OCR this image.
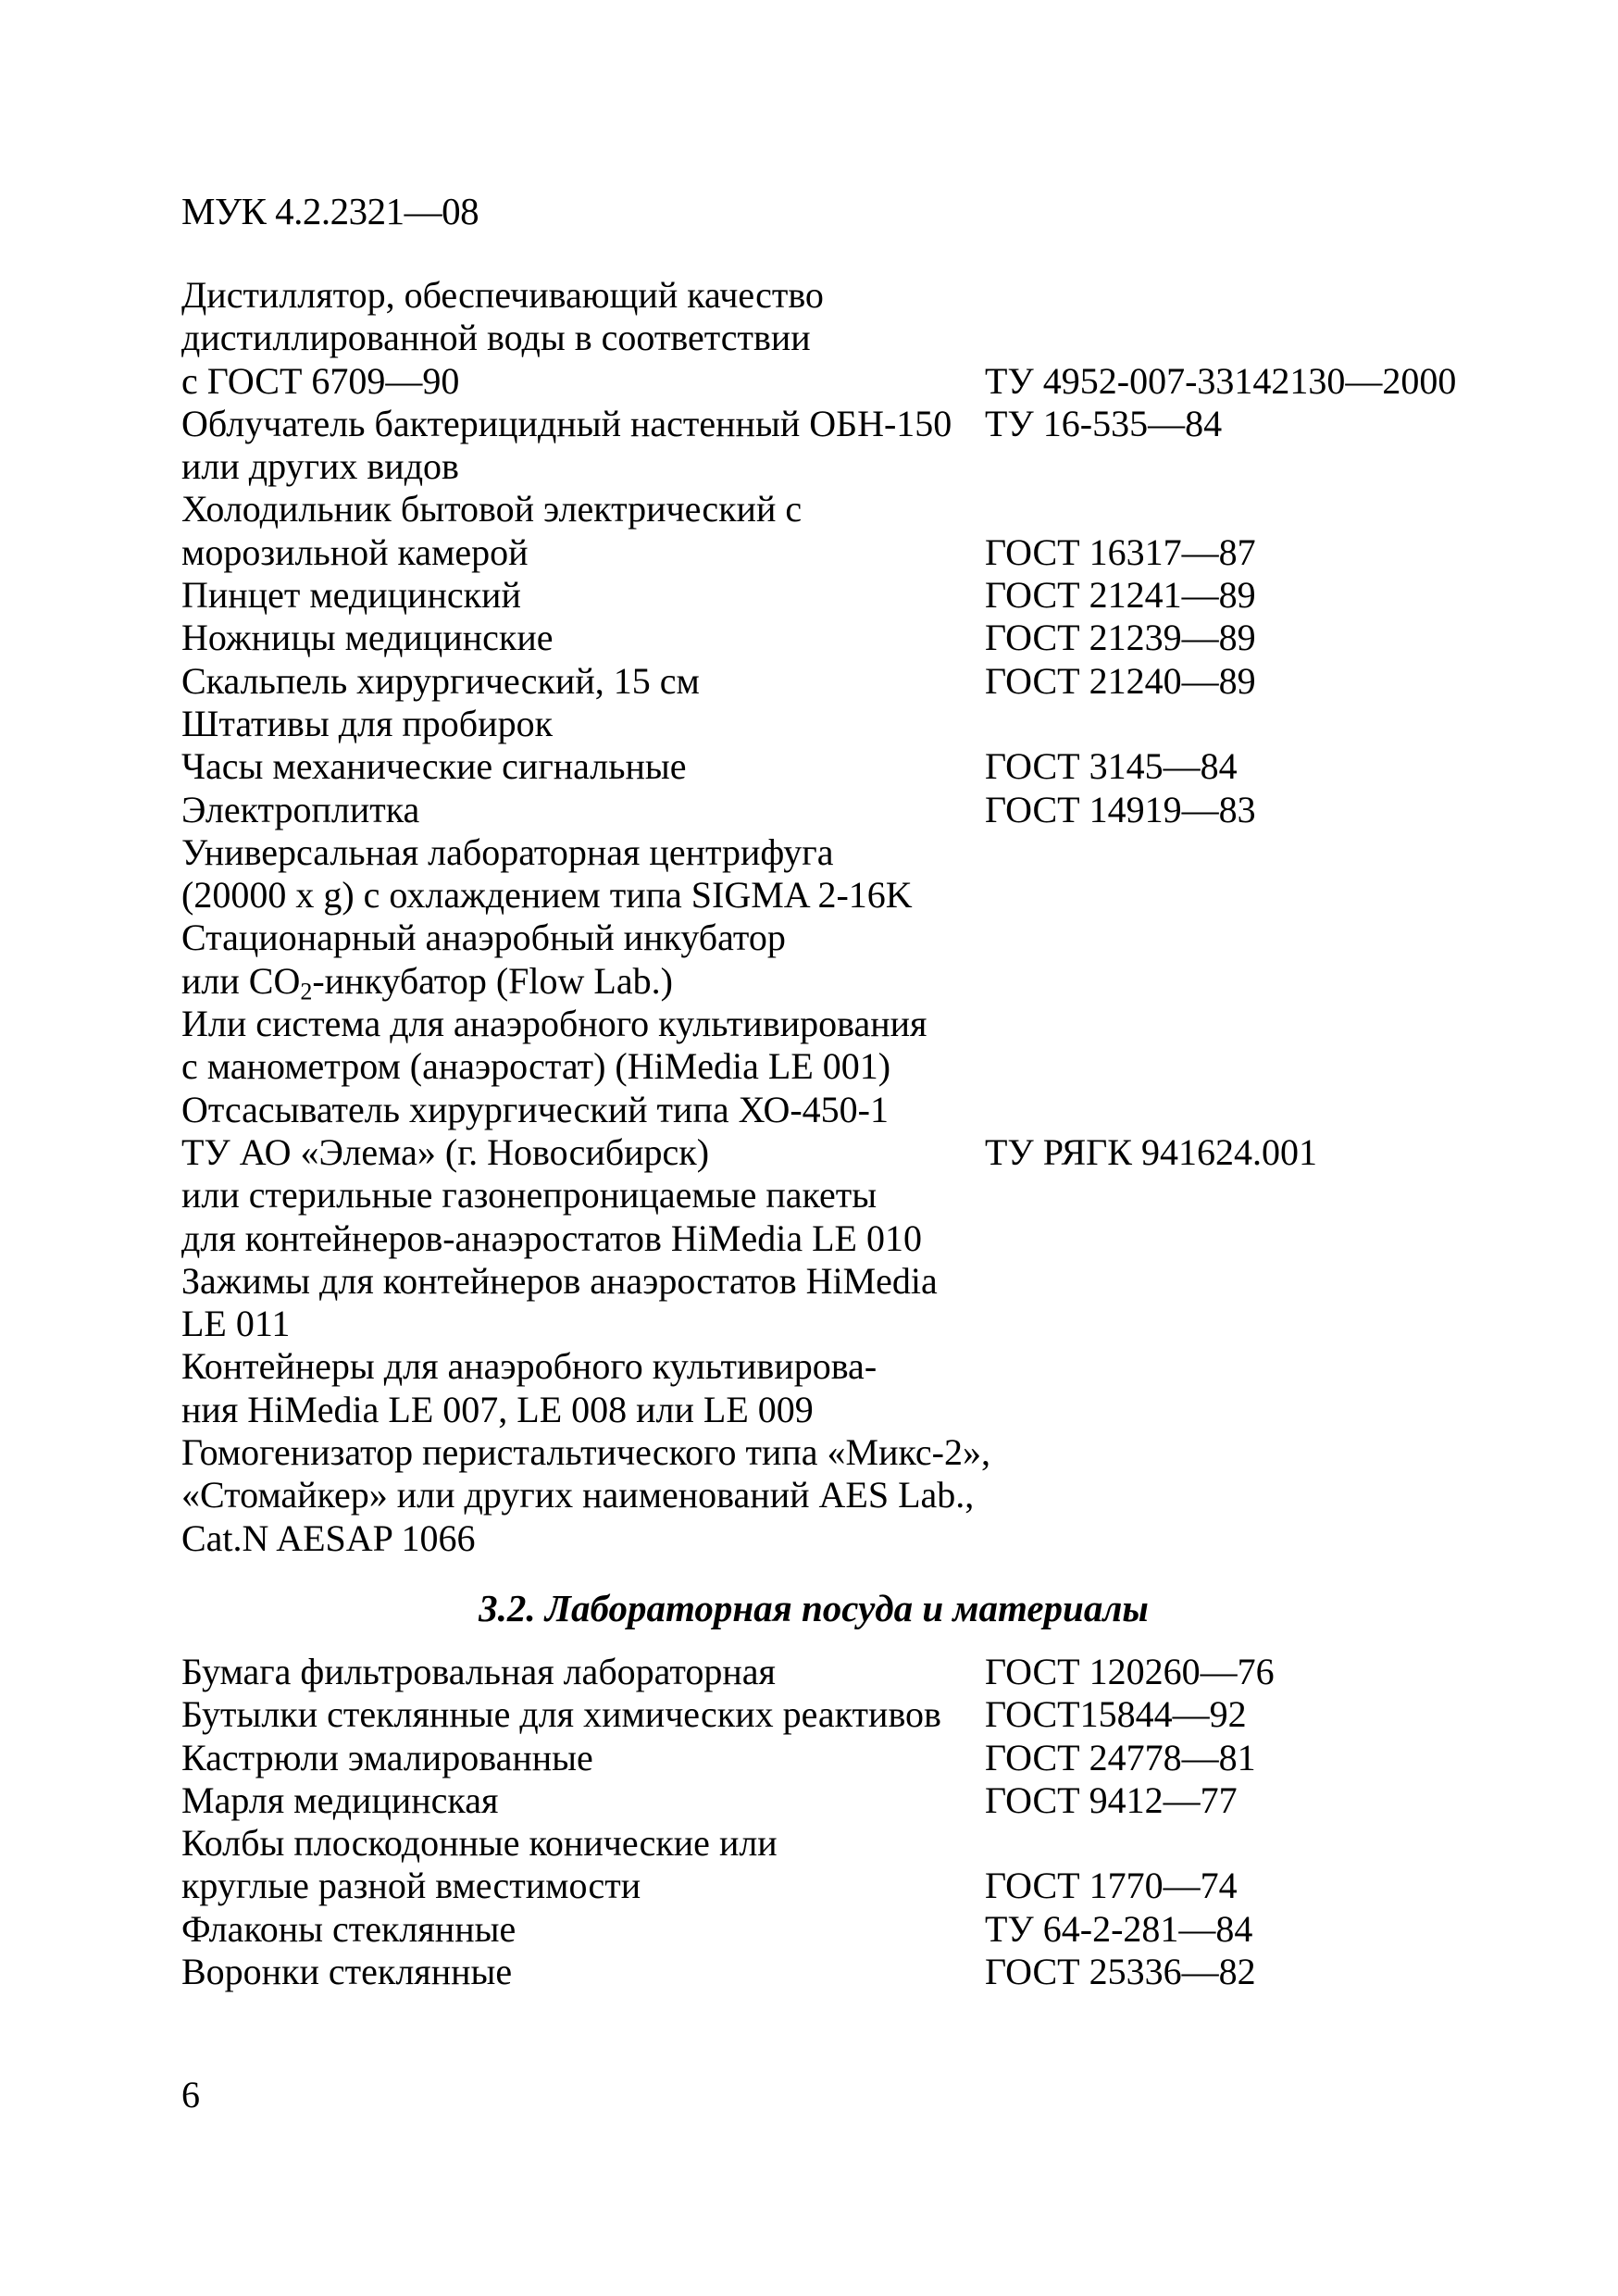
МУК 4.2.2321—08
Дистиллятор, обеспечивающий качество
дистиллированной воды в соответствии
с ГОСТ 6709—90	ТУ 4952-007-33142130—2000
Облучатель бактерицидный настенный ОБН-150 ТУ 16-535—84
или других видов
Холодильник бытовой электрический с
морозильной камерой	ГОСТ 16317—87
Пинцет медицинский	ГОСТ 21241—89
Ножницы медицинские	ГОСТ 21239—89
Скальпель хирургический, 15 см	ГОСТ 21240—89
Штативы для пробирок
Часы механические сигнальные	ГОСТ 3145—84
Электроплитка	ГОСТ 14919—83
Универсальная лабораторная центрифуга
(20000 x g) с охлаждением типа SIGMA 2-16K
Стационарный анаэробный инкубатор
или $CO_2$-инкубатор (Flow Lab.)
Или система для анаэробного культивирования
с манометром (анаэростат) (HiMedia LE 001)
Отсасыватель хирургический типа ХО-450-1
ТУ АО «Элема» (г. Новосибирск)	ТУ РЯГК 941624.001
или стерильные газонепроницаемые пакеты
для контейнеров-анаэростатов HiMedia LE 010
Зажимы для контейнеров анаэростатов HiMedia
LE 011
Контейнеры для анаэробного культивирова-
ния HiMedia LE 007, LE 008 или LE 009
Гомогенизатор перистальтического типа «Микс-2»,
«Стомайкер» или других наименований AES Lab.,
Cat.N AESAP 1066
3.2. Лабораторная посуда и материалы
Бумага фильтровальная лабораторная	ГОСТ 120260—76
Бутылки стеклянные для химических реактивов	ГОСТ15844—92
Кастрюли эмалированные	ГОСТ 24778—81
Марля медицинская	ГОСТ 9412—77
Колбы плоскодонные конические или
круглые разной вместимости	ГОСТ 1770—74
Флаконы стеклянные	ТУ 64-2-281—84
Воронки стеклянные	ГОСТ 25336—82
6
